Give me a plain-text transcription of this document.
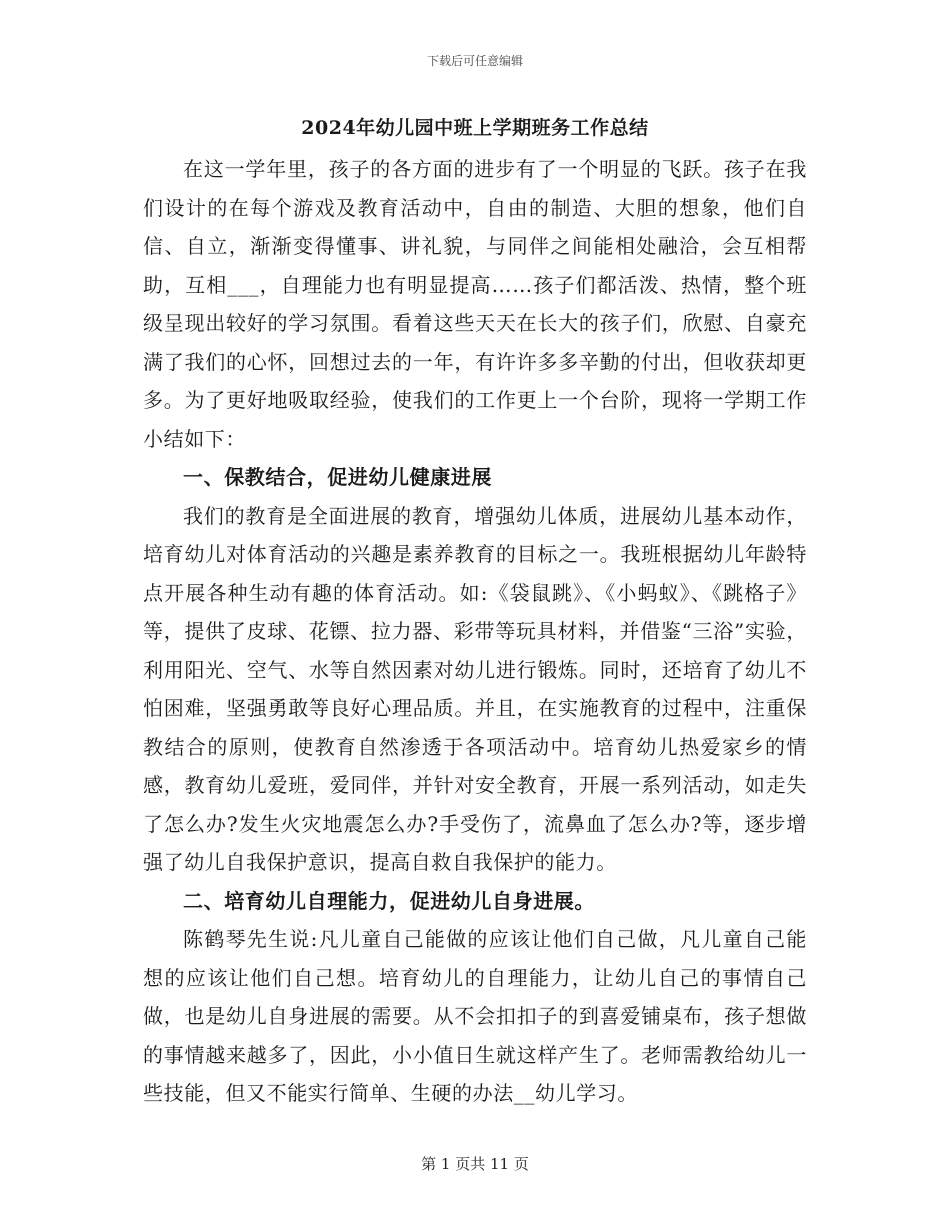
下载后可任意编辑
2024年幼儿园中班上学期班务工作总结

在这一学年里，孩子的各方面的进步有了一个明显的飞跃。孩子在我们设计的在每个游戏及教育活动中，自由的制造、大胆的想象，他们自信、自立，渐渐变得懂事、讲礼貌，与同伴之间能相处融洽，会互相帮助，互相___，自理能力也有明显提高……孩子们都活泼、热情，整个班级呈现出较好的学习氛围。看着这些天天在长大的孩子们，欣慰、自豪充满了我们的心怀，回想过去的一年，有许许多多辛勤的付出，但收获却更多。为了更好地吸取经验，使我们的工作更上一个台阶，现将一学期工作小结如下：

一、保教结合，促进幼儿健康进展

我们的教育是全面进展的教育，增强幼儿体质，进展幼儿基本动作，培育幼儿对体育活动的兴趣是素养教育的目标之一。我班根据幼儿年龄特点开展各种生动有趣的体育活动。如:《袋鼠跳》、《小蚂蚁》、《跳格子》等，提供了皮球、花镖、拉力器、彩带等玩具材料，并借鉴“三浴”实验，利用阳光、空气、水等自然因素对幼儿进行锻炼。同时，还培育了幼儿不怕困难，坚强勇敢等良好心理品质。并且，在实施教育的过程中，注重保教结合的原则，使教育自然渗透于各项活动中。培育幼儿热爱家乡的情感，教育幼儿爱班，爱同伴，并针对安全教育，开展一系列活动，如走失了怎么办?发生火灾地震怎么办?手受伤了，流鼻血了怎么办?等，逐步增强了幼儿自我保护意识，提高自救自我保护的能力。

二、培育幼儿自理能力，促进幼儿自身进展。

陈鹤琴先生说:凡儿童自己能做的应该让他们自己做，凡儿童自己能想的应该让他们自己想。培育幼儿的自理能力，让幼儿自己的事情自己做，也是幼儿自身进展的需要。从不会扣扣子的到喜爱铺桌布，孩子想做的事情越来越多了，因此，小小值日生就这样产生了。老师需教给幼儿一些技能，但又不能实行简单、生硬的办法__幼儿学习。

第 1 页共 11 页
